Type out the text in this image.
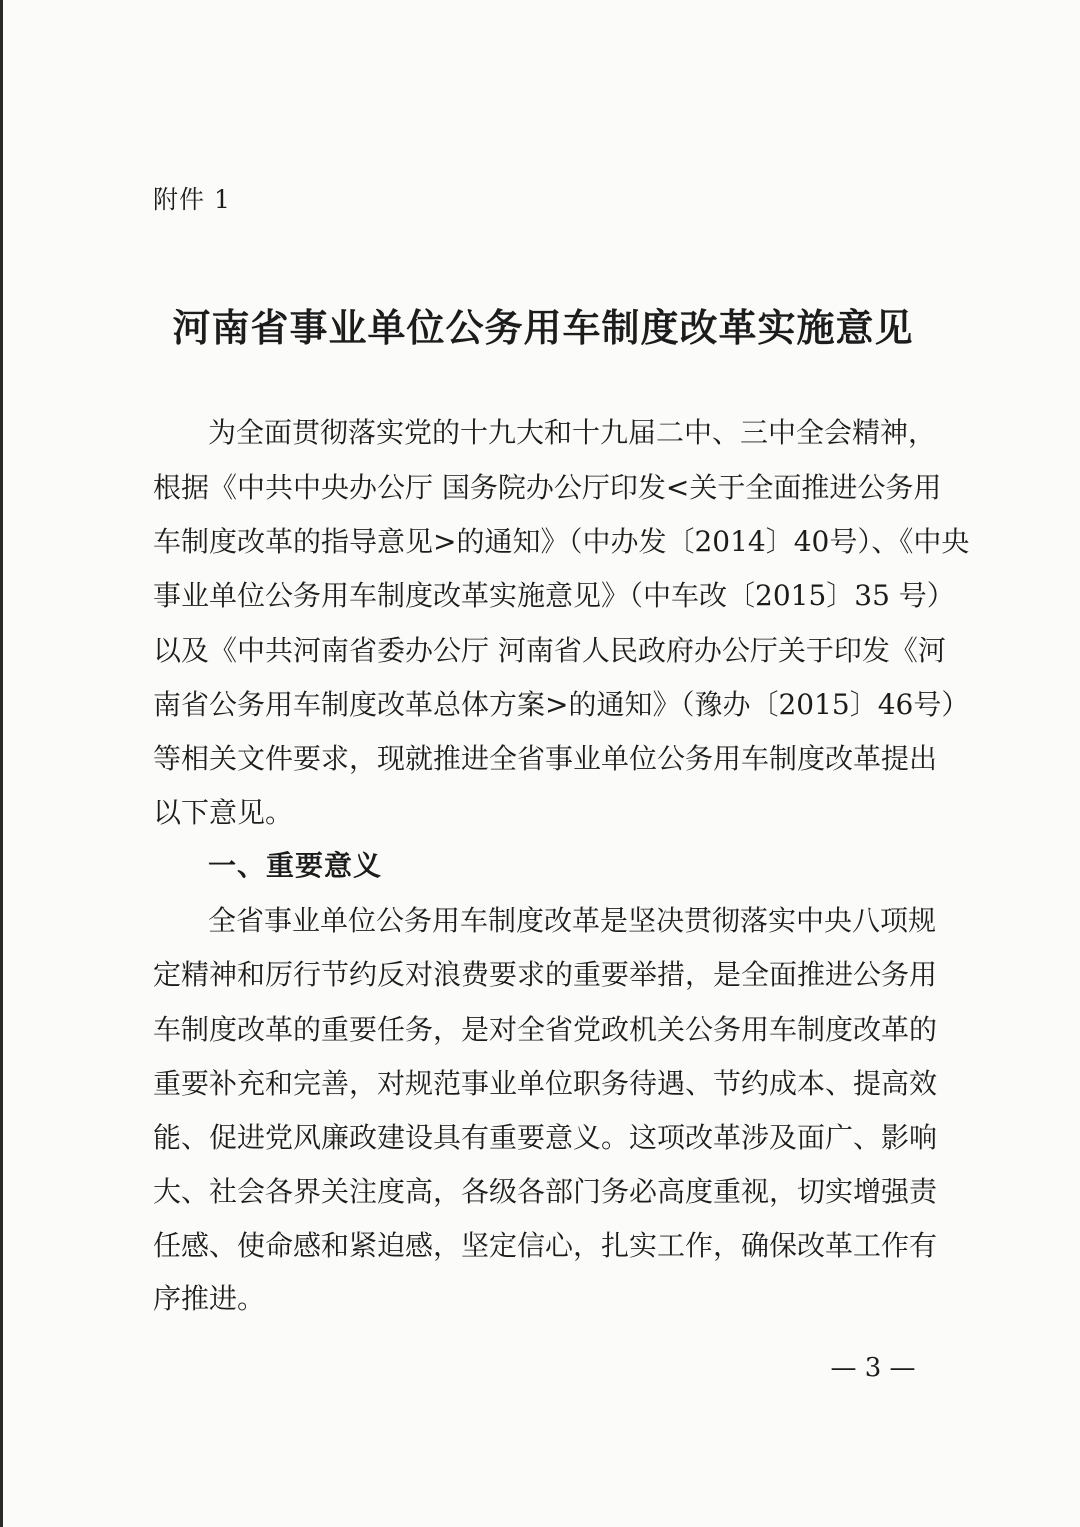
附件 1

河南省事业单位公务用车制度改革实施意见

为全面贯彻落实党的十九大和十九届二中、三中全会精神，

根据《中共中央办公厅 国务院办公厅印发<关于全面推进公务用

车制度改革的指导意见>的通知》（中办发〔2014〕40号）、《中央

事业单位公务用车制度改革实施意见》（中车改〔2015〕35 号）

以及《中共河南省委办公厅 河南省人民政府办公厅关于印发《河

南省公务用车制度改革总体方案>的通知》（豫办〔2015〕46号）

等相关文件要求，现就推进全省事业单位公务用车制度改革提出

以下意见。

一、重要意义

全省事业单位公务用车制度改革是坚决贯彻落实中央八项规

定精神和厉行节约反对浪费要求的重要举措，是全面推进公务用

车制度改革的重要任务，是对全省党政机关公务用车制度改革的

重要补充和完善，对规范事业单位职务待遇、节约成本、提高效

能、促进党风廉政建设具有重要意义。这项改革涉及面广、影响

大、社会各界关注度高，各级各部门务必高度重视，切实增强责

任感、使命感和紧迫感，坚定信心，扎实工作，确保改革工作有

序推进。

— 3 —
